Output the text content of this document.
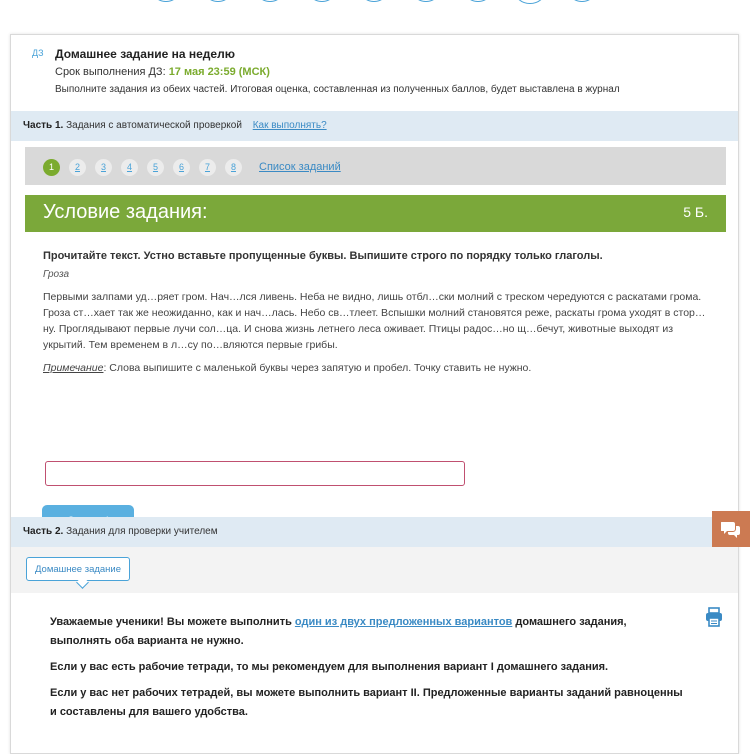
ДЗ Домашнее задание на неделю
Срок выполнения ДЗ: 17 мая 23:59 (МСК)
Выполните задания из обеих частей. Итоговая оценка, составленная из полученных баллов, будет выставлена в журнал
Часть 1. Задания с автоматической проверкой Как выполнять?
1	2	3	4	5	6	7	8	Список заданий
Условие задания:	5 Б.

Прочитайте текст. Устно вставьте пропущенные буквы. Выпишите строго по порядку только глаголы.

Гроза

Первыми залпами уд…ряет гром. Нач…лся ливень. Неба не видно, лишь отбл…ски молний с треском чередуются с раскатами грома. Гроза ст…хает так же неожиданно, как и нач…лась. Небо св…тлеет. Вспышки молний становятся реже, раскаты грома уходят в стор…ну. Проглядывают первые лучи сол…ца. И снова жизнь летнего леса оживает. Птицы радос…но щ…бечут, животные выходят из укрытий. Тем временем в л…су по…вляются первые грибы.

Примечание: Слова выпишите с маленькой буквы через запятую и пробел. Точку ставить не нужно.

Часть 2. Задания для проверки учителем
Домашнее задание

Уважаемые ученики! Вы можете выполнить один из двух предложенных вариантов домашнего задания, выполнять оба варианта не нужно.

Если у вас есть рабочие тетради, то мы рекомендуем для выполнения вариант I домашнего задания.

Если у вас нет рабочих тетрадей, вы можете выполнить вариант II. Предложенные варианты заданий равноценны и составлены для вашего удобства.
